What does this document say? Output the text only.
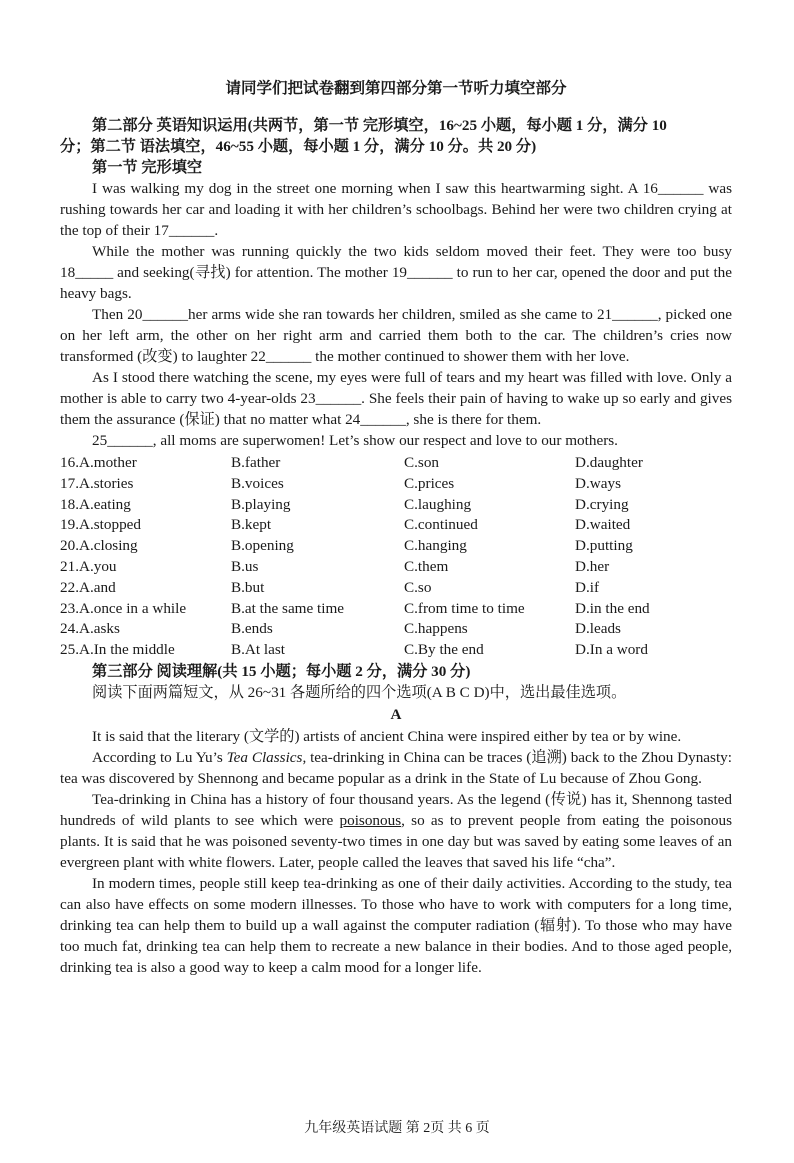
请同学们把试卷翻到第四部分第一节听力填空部分

第二部分 英语知识运用(共两节，第一节 完形填空，16~25 小题，每小题 1 分，满分 10

分；第二节 语法填空，46~55 小题，每小题 1 分，满分 10 分。共 20 分)

第一节 完形填空

I was walking my dog in the street one morning when I saw this heartwarming sight. A 16______ was rushing towards her car and loading it with her children’s schoolbags. Behind her were two children crying at the top of their 17______.

While the mother was running quickly the two kids seldom moved their feet. They were too busy 18_____ and seeking(寻找) for attention. The mother 19______ to run to her car, opened the door and put the heavy bags.

Then 20______her arms wide she ran towards her children, smiled as she came to 21______, picked one on her left arm, the other on her right arm and carried them both to the car. The children’s cries now transformed (改变) to laughter 22______ the mother continued to shower them with her love.

As I stood there watching the scene, my eyes were full of tears and my heart was filled with love. Only a mother is able to carry two 4-year-olds 23______. She feels their pain of having to wake up so early and gives them the assurance (保证) that no matter what 24______, she is there for them.

25______, all moms are superwomen! Let’s show our respect and love to our mothers.

16.A.mother	B.father	C.son	D.daughter
17.A.stories	B.voices	C.prices	D.ways
18.A.eating	B.playing	C.laughing	D.crying
19.A.stopped	B.kept	C.continued	D.waited
20.A.closing	B.opening	C.hanging	D.putting
21.A.you	B.us	C.them	D.her
22.A.and	B.but	C.so	D.if
23.A.once in a while	B.at the same time	C.from time to time	D.in the end
24.A.asks	B.ends	C.happens	D.leads
25.A.In the middle	B.At last	C.By the end	D.In a word

第三部分 阅读理解(共 15 小题；每小题 2 分，满分 30 分)

阅读下面两篇短文，从 26~31 各题所给的四个选项(A B C D)中，选出最佳选项。

A

It is said that the literary (文学的) artists of ancient China were inspired either by tea or by wine.

According to Lu Yu’s Tea Classics, tea-drinking in China can be traces (追溯) back to the Zhou Dynasty: tea was discovered by Shennong and became popular as a drink in the State of Lu because of Zhou Gong.

Tea-drinking in China has a history of four thousand years. As the legend (传说) has it, Shennong tasted hundreds of wild plants to see which were poisonous, so as to prevent people from eating the poisonous plants. It is said that he was poisoned seventy-two times in one day but was saved by eating some leaves of an evergreen plant with white flowers. Later, people called the leaves that saved his life “cha”.

In modern times, people still keep tea-drinking as one of their daily activities. According to the study, tea can also have effects on some modern illnesses. To those who have to work with computers for a long time, drinking tea can help them to build up a wall against the computer radiation (辐射). To those who may have too much fat, drinking tea can help them to recreate a new balance in their bodies. And to those aged people, drinking tea is also a good way to keep a calm mood for a longer life.

九年级英语试题 第 2页 共 6 页
